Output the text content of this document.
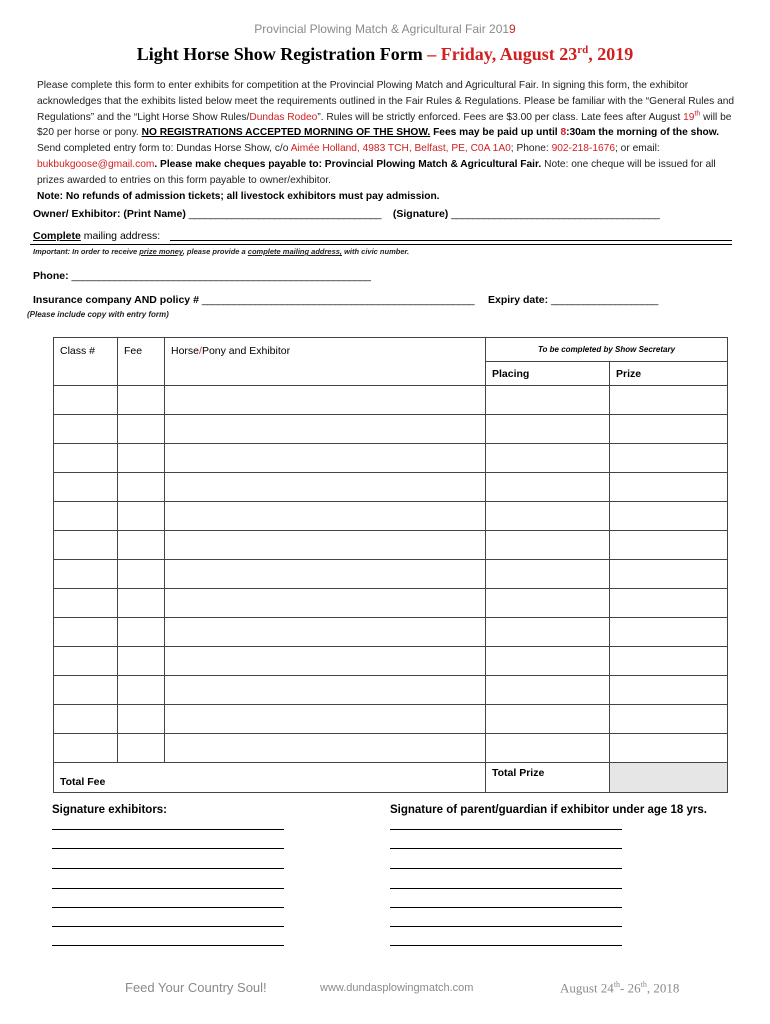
Provincial Plowing Match & Agricultural Fair 2019
Light Horse Show Registration Form – Friday, August 23rd, 2019
Please complete this form to enter exhibits for competition at the Provincial Plowing Match and Agricultural Fair. In signing this form, the exhibitor acknowledges that the exhibits listed below meet the requirements outlined in the Fair Rules & Regulations. Please be familiar with the “General Rules and Regulations” and the “Light Horse Show Rules/Dundas Rodeo”. Rules will be strictly enforced. Fees are $3.00 per class. Late fees after August 19th will be $20 per horse or pony. NO REGISTRATIONS ACCEPTED MORNING OF THE SHOW. Fees may be paid up until 8:30am the morning of the show. Send completed entry form to: Dundas Horse Show, c/o Aimée Holland, 4983 TCH, Belfast, PE, C0A 1A0; Phone: 902-218-1676; or email: bukbukgoose@gmail.com. Please make cheques payable to: Provincial Plowing Match & Agricultural Fair. Note: one cheque will be issued for all prizes awarded to entries on this form payable to owner/exhibitor.
Note: No refunds of admission tickets; all livestock exhibitors must pay admission.
Owner/ Exhibitor: (Print Name) ____________________________________ (Signature) _______________________________________
Complete mailing address:
Important: In order to receive prize money, please provide a complete mailing address, with civic number.
Phone: ________________________________________________________
Insurance company AND policy # ___________________________________________________ Expiry date: ____________________
(Please include copy with entry form)
Class #	Fee	Horse/Pony and Exhibitor	To be completed by Show Secretary	
			Placing	Prize

Total Fee			Total Prize	
Signature exhibitors:	Signature of parent/guardian if exhibitor under age 18 yrs.
Feed Your Country Soul!	www.dundasplowingmatch.com	August 24th- 26th, 2018
